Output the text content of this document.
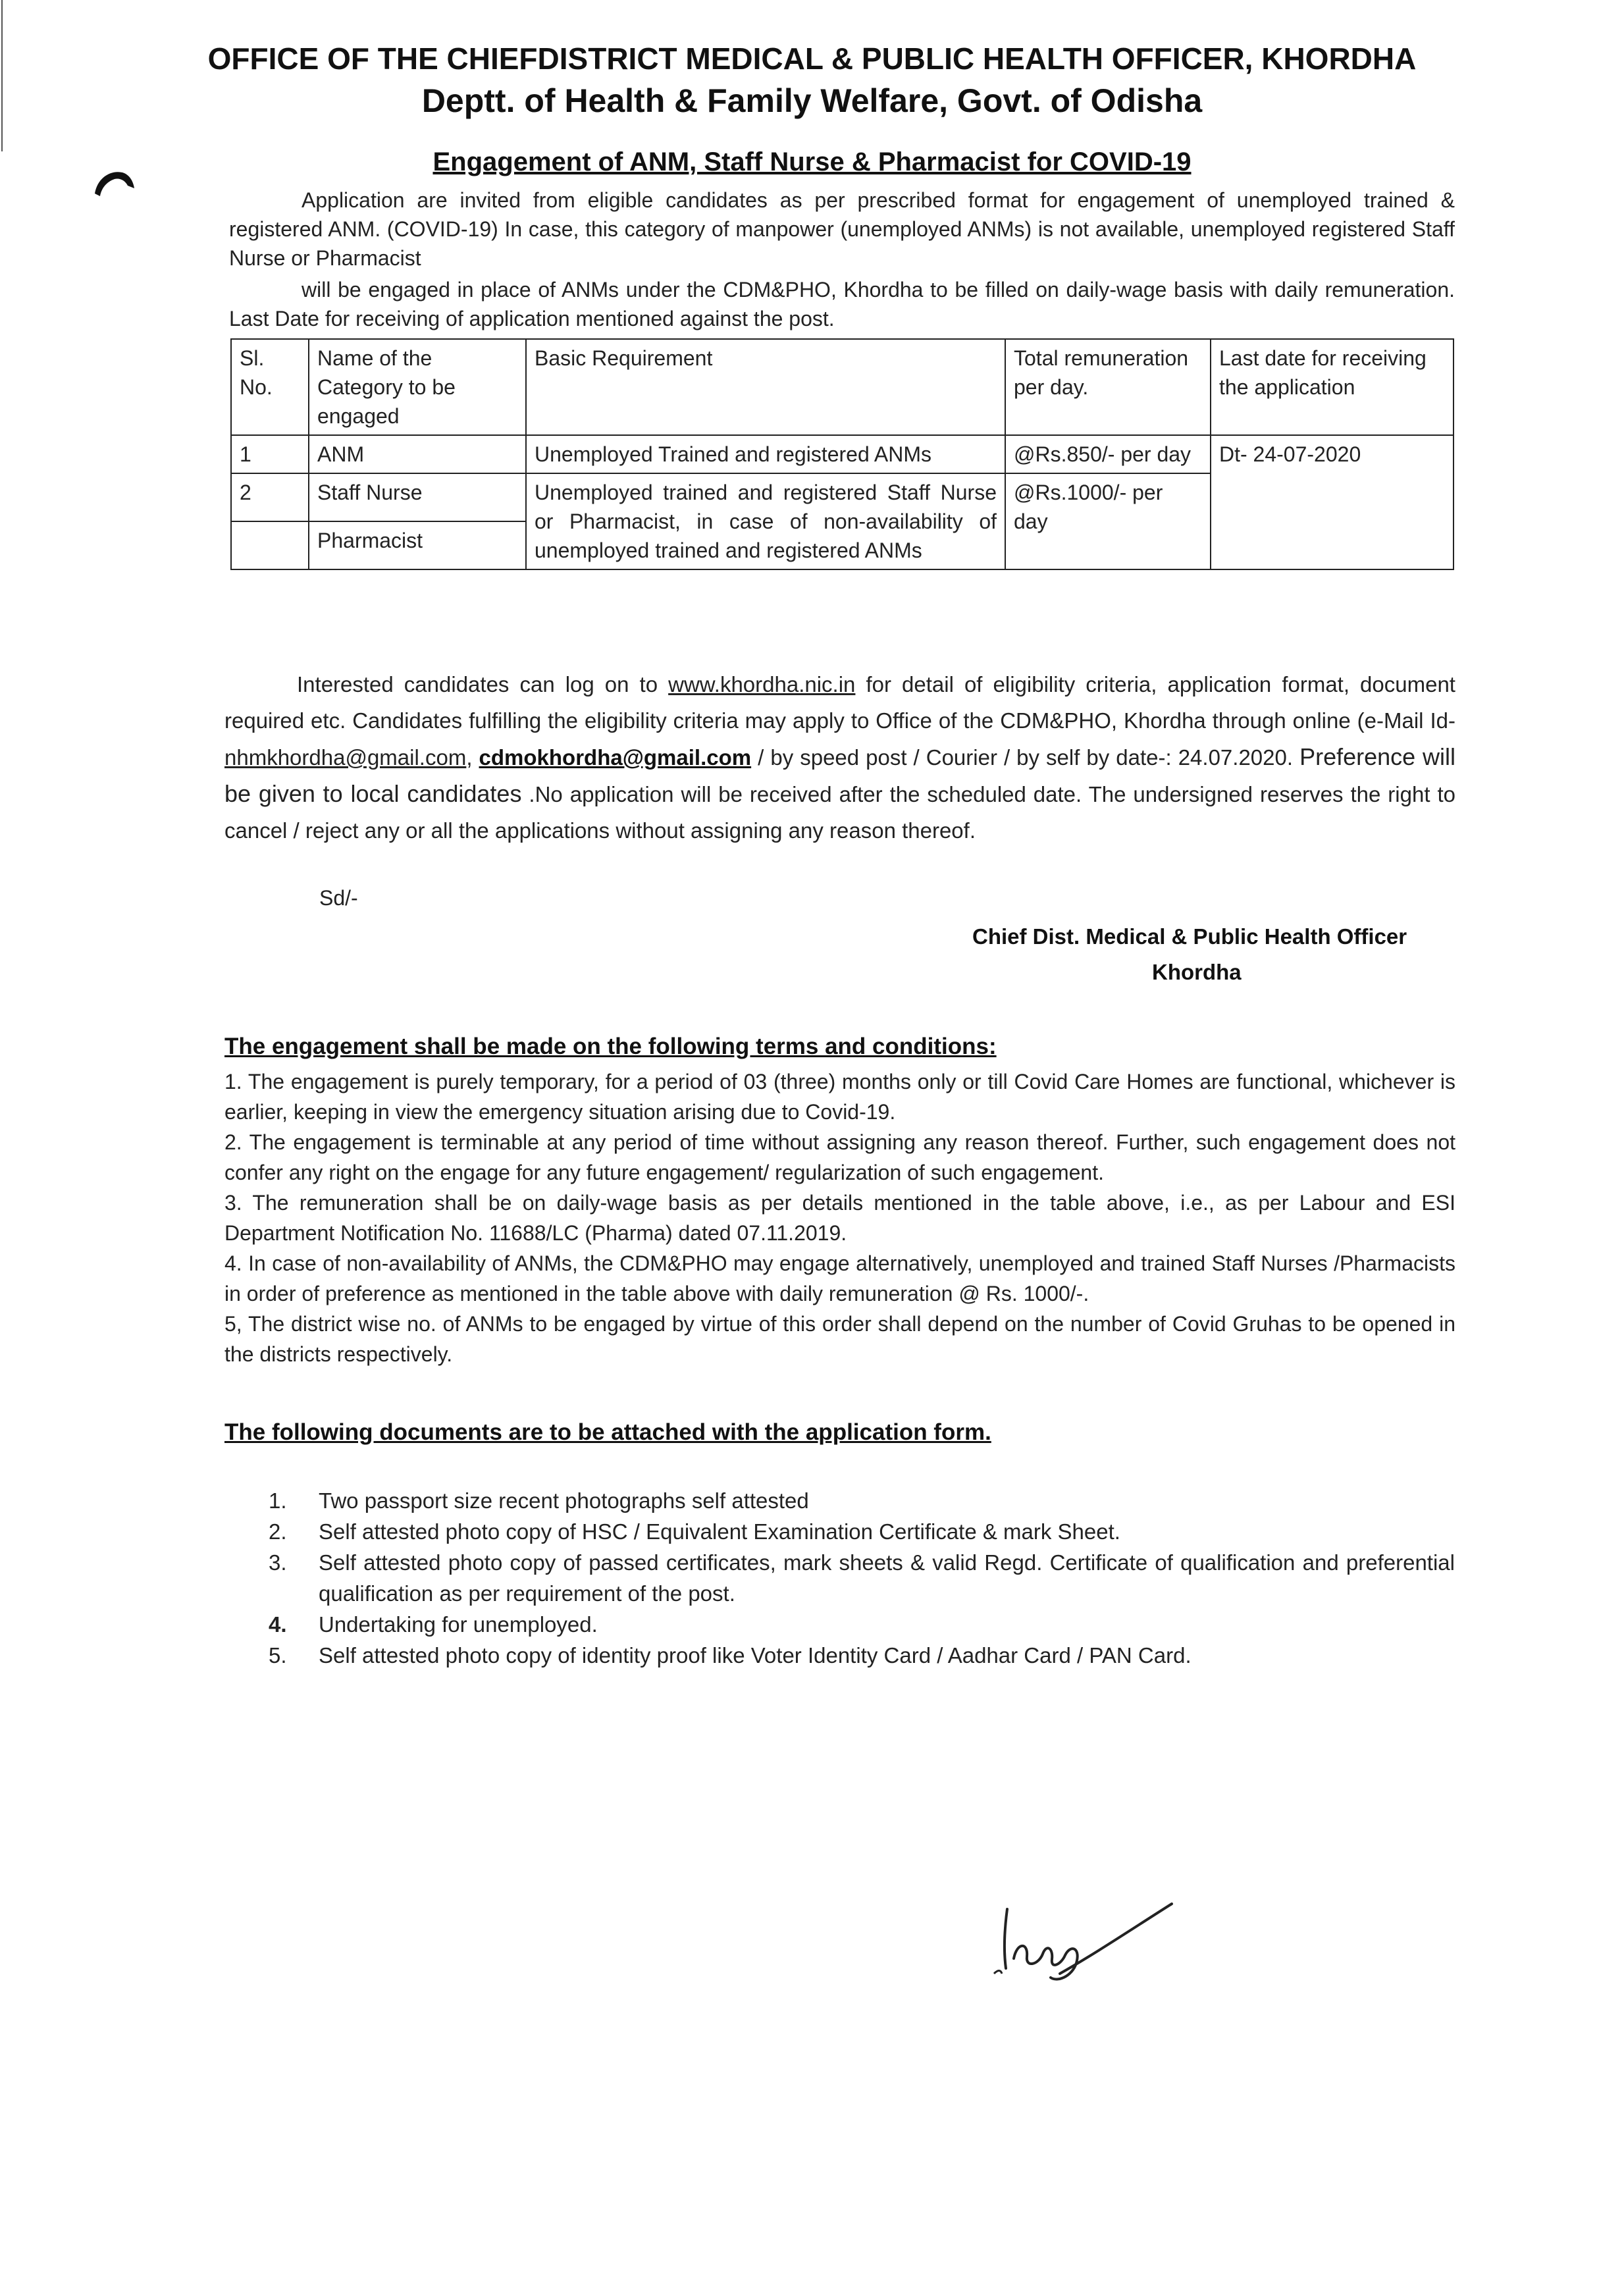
OFFICE OF THE CHIEFDISTRICT MEDICAL & PUBLIC HEALTH OFFICER, KHORDHA
Deptt. of Health & Family Welfare, Govt. of Odisha
Engagement of ANM, Staff Nurse & Pharmacist for COVID-19
Application are invited from eligible candidates as per prescribed format for engagement of unemployed trained & registered ANM. (COVID-19) In case, this category of manpower (unemployed ANMs) is not available, unemployed registered Staff Nurse or Pharmacist
will be engaged in place of ANMs under the CDM&PHO, Khordha to be filled on daily-wage basis with daily remuneration. Last Date for receiving of application mentioned against the post.
Sl. No.	Name of the Category to be engaged	Basic Requirement	Total remuneration per day.	Last date for receiving the application
1	ANM	Unemployed Trained and registered ANMs	@Rs.850/- per day	Dt- 24-07-2020
2	Staff Nurse	Unemployed trained and registered Staff Nurse or Pharmacist, in case of non-availability of unemployed trained and registered ANMs	@Rs.1000/- per day	
	Pharmacist			
Interested candidates can log on to www.khordha.nic.in for detail of eligibility criteria, application format, document required etc. Candidates fulfilling the eligibility criteria may apply to Office of the CDM&PHO, Khordha through online (e-Mail Id- nhmkhordha@gmail.com, cdmokhordha@gmail.com / by speed post / Courier / by self by date-: 24.07.2020. Preference will be given to local candidates .No application will be received after the scheduled date. The undersigned reserves the right to cancel / reject any or all the applications without assigning any reason thereof.
Sd/-
Chief Dist. Medical & Public Health Officer
Khordha
The engagement shall be made on the following terms and conditions:

1. The engagement is purely temporary, for a period of 03 (three) months only or till Covid Care Homes are functional, whichever is earlier, keeping in view the emergency situation arising due to Covid-19.

2. The engagement is terminable at any period of time without assigning any reason thereof. Further, such engagement does not confer any right on the engage for any future engagement/ regularization of such engagement.

3. The remuneration shall be on daily-wage basis as per details mentioned in the table above, i.e., as per Labour and ESI Department Notification No. 11688/LC (Pharma) dated 07.11.2019.

4. In case of non-availability of ANMs, the CDM&PHO may engage alternatively, unemployed and trained Staff Nurses /Pharmacists in order of preference as mentioned in the table above with daily remuneration @ Rs. 1000/-.

5, The district wise no. of ANMs to be engaged by virtue of this order shall depend on the number of Covid Gruhas to be opened in the districts respectively.

The following documents are to be attached with the application form.
1. Two passport size recent photographs self attested
2. Self attested photo copy of HSC / Equivalent Examination Certificate & mark Sheet.
3. Self attested photo copy of passed certificates, mark sheets & valid Regd. Certificate of qualification and preferential qualification as per requirement of the post.
4. Undertaking for unemployed.
5. Self attested photo copy of identity proof like Voter Identity Card / Aadhar Card / PAN Card.
